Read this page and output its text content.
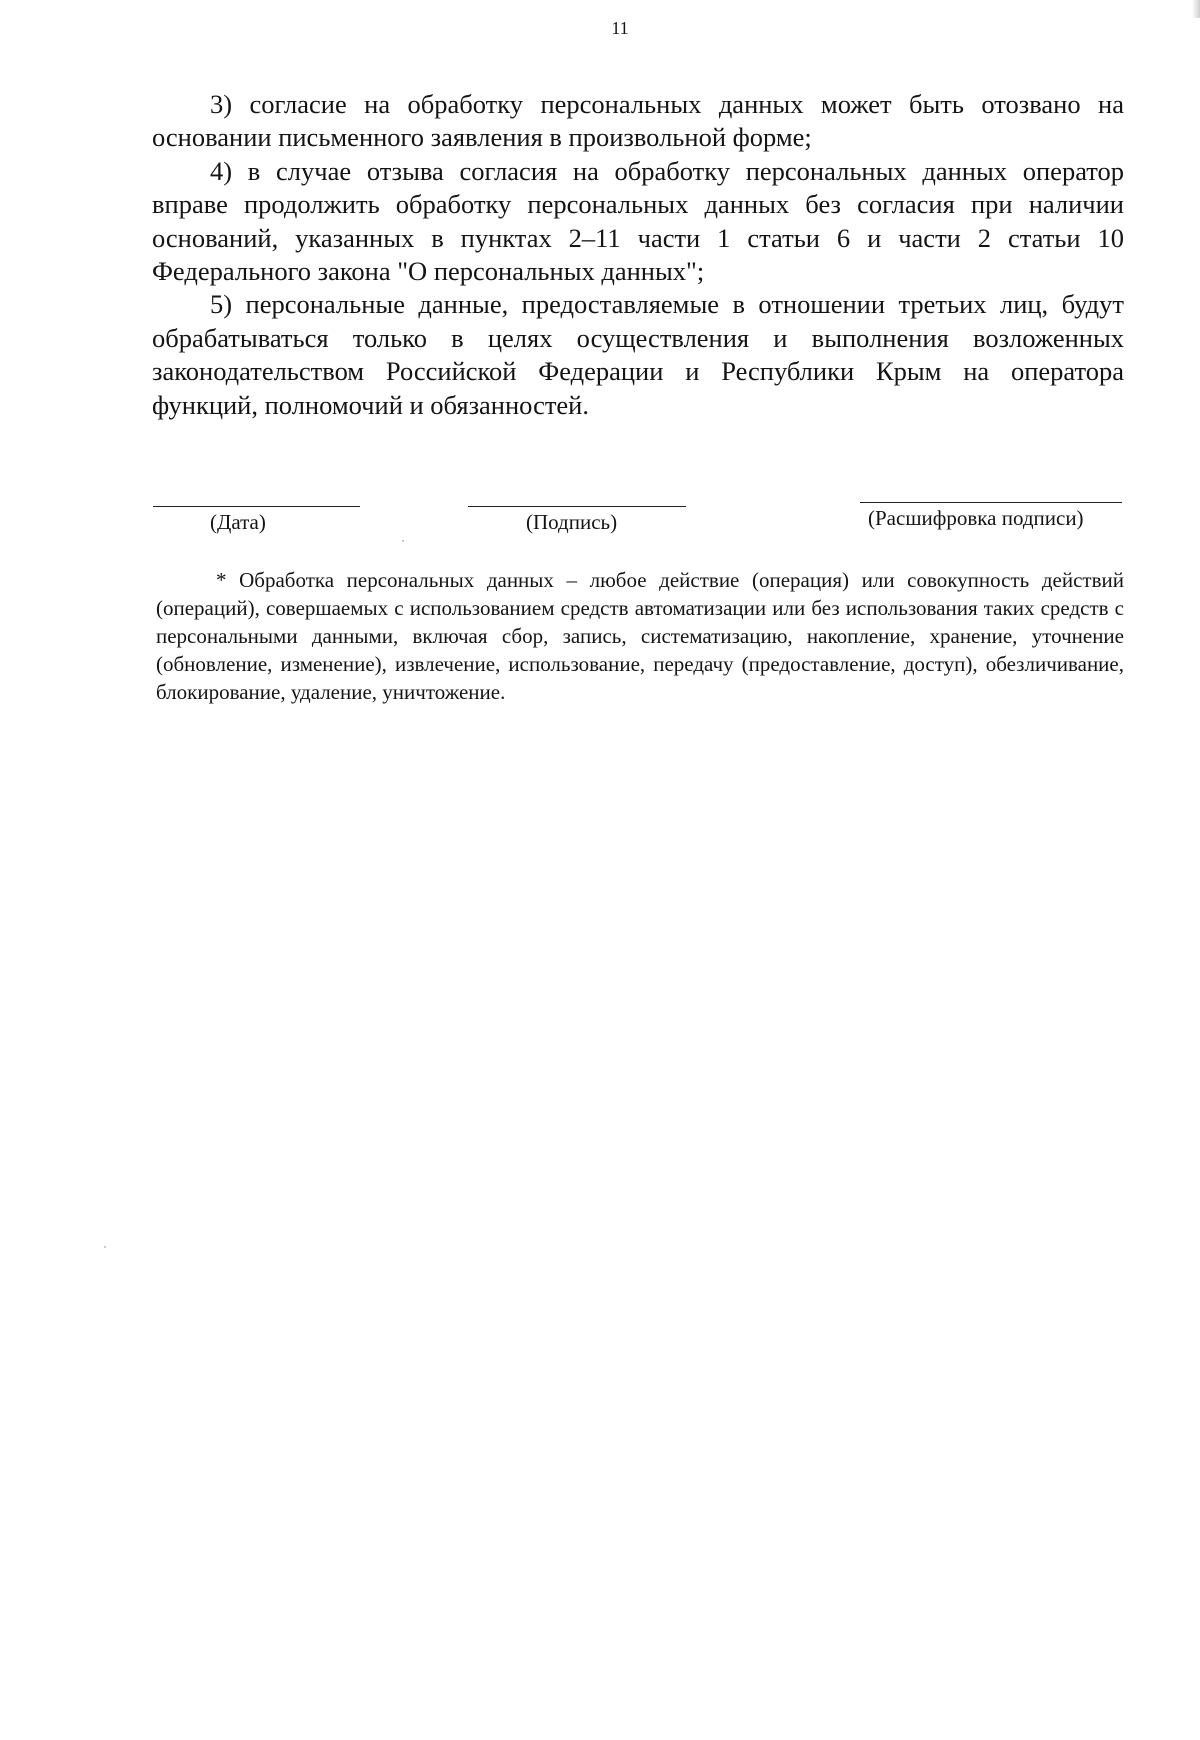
11

3) согласие на обработку персональных данных может быть отозвано на основании письменного заявления в произвольной форме;

4) в случае отзыва согласия на обработку персональных данных оператор вправе продолжить обработку персональных данных без согласия при наличии оснований, указанных в пунктах 2–11 части 1 статьи 6 и части 2 статьи 10 Федерального закона "О персональных данных";

5) персональные данные, предоставляемые в отношении третьих лиц, будут обрабатываться только в целях осуществления и выполнения возложенных законодательством Российской Федерации и Республики Крым на оператора функций, полномочий и обязанностей.

(Дата)	(Подпись)	(Расшифровка подписи)

* Обработка персональных данных – любое действие (операция) или совокупность действий (операций), совершаемых с использованием средств автоматизации или без использования таких средств с персональными данными, включая сбор, запись, систематизацию, накопление, хранение, уточнение (обновление, изменение), извлечение, использование, передачу (предоставление, доступ), обезличивание, блокирование, удаление, уничтожение.
